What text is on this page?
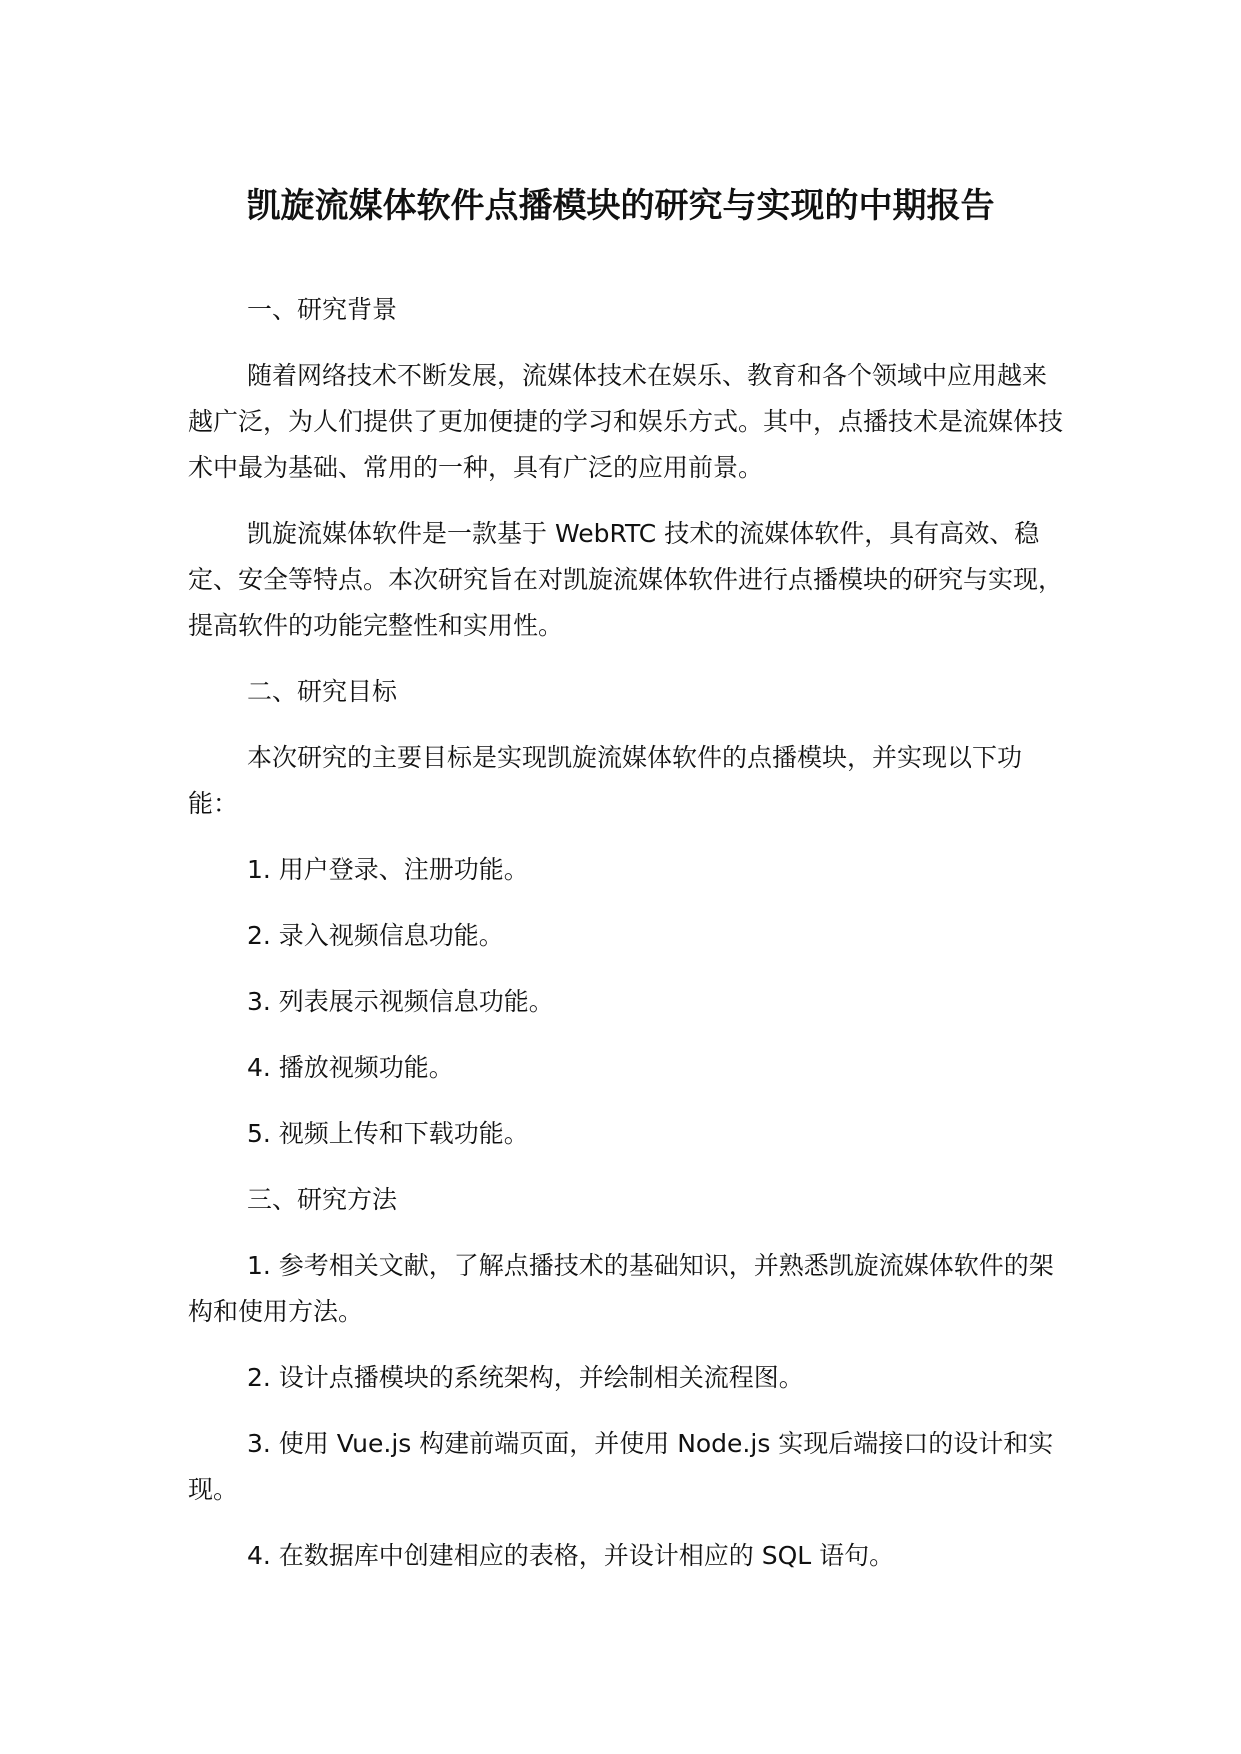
凯旋流媒体软件点播模块的研究与实现的中期报告

一、研究背景

随着网络技术不断发展，流媒体技术在娱乐、教育和各个领域中应用越来越广泛，为人们提供了更加便捷的学习和娱乐方式。其中，点播技术是流媒体技术中最为基础、常用的一种，具有广泛的应用前景。

凯旋流媒体软件是一款基于 WebRTC 技术的流媒体软件，具有高效、稳定、安全等特点。本次研究旨在对凯旋流媒体软件进行点播模块的研究与实现，提高软件的功能完整性和实用性。

二、研究目标

本次研究的主要目标是实现凯旋流媒体软件的点播模块，并实现以下功能：

1. 用户登录、注册功能。

2. 录入视频信息功能。

3. 列表展示视频信息功能。

4. 播放视频功能。

5. 视频上传和下载功能。

三、研究方法

1. 参考相关文献，了解点播技术的基础知识，并熟悉凯旋流媒体软件的架构和使用方法。

2. 设计点播模块的系统架构，并绘制相关流程图。

3. 使用 Vue.js 构建前端页面，并使用 Node.js 实现后端接口的设计和实现。

4. 在数据库中创建相应的表格，并设计相应的 SQL 语句。
